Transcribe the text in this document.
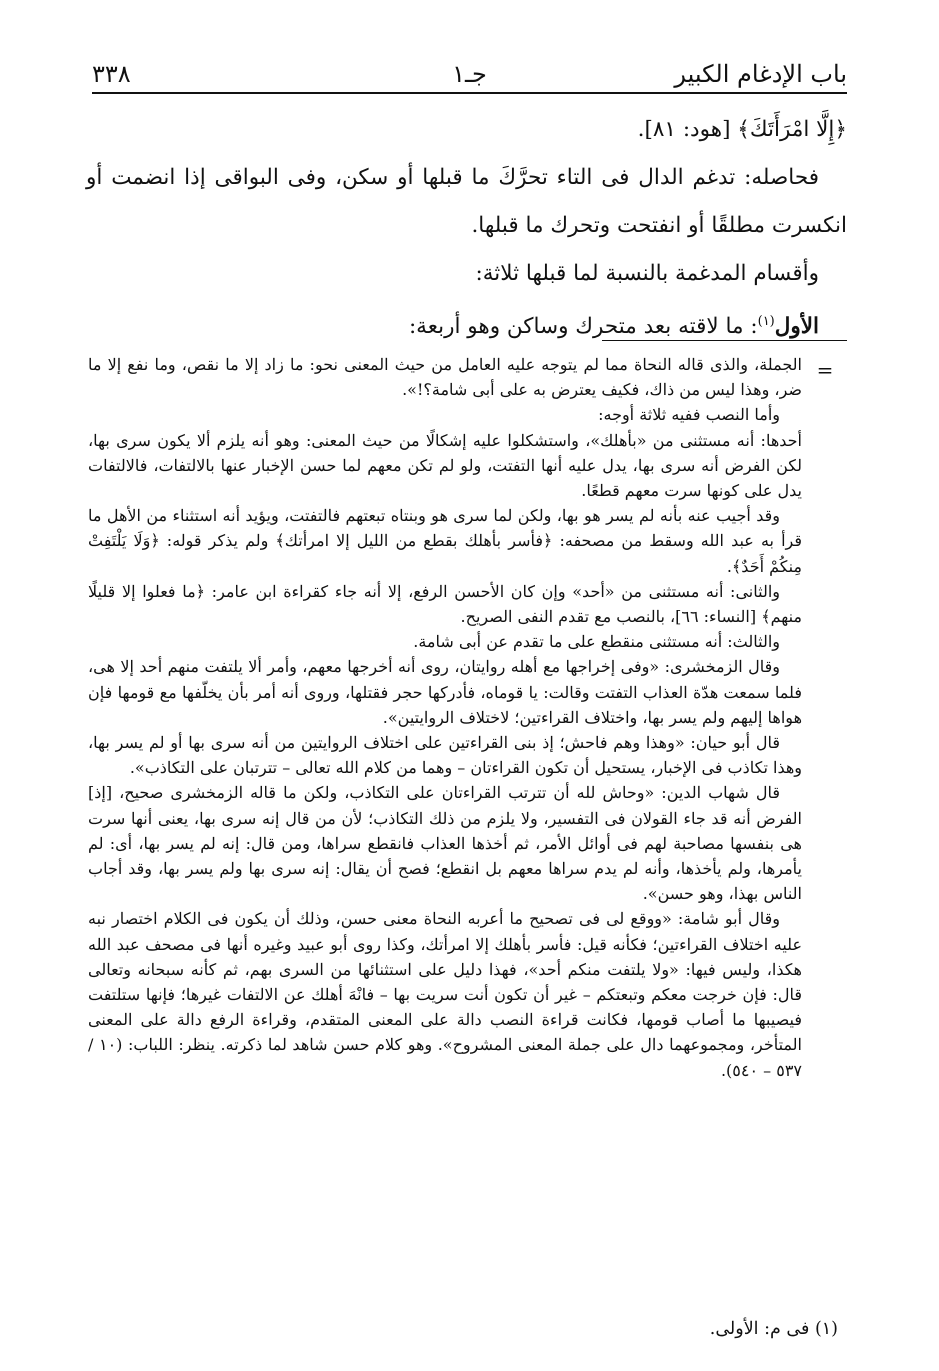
٣٣٨	جـ١	باب الإدغام الكبير

﴿إِلَّا امْرَأَتَكَ﴾ [هود: ٨١].

فحاصله: تدغم الدال فى التاء تحرَّكَ ما قبلها أو سكن، وفى البواقى إذا انضمت أو انكسرت مطلقًا أو انفتحت وتحرك ما قبلها.

وأقسام المدغمة بالنسبة لما قبلها ثلاثة:

الأول$^{(١)}$: ما لاقته بعد متحرك وساكن وهو أربعة:

=

الجملة، والذى قاله النحاة مما لم يتوجه عليه العامل من حيث المعنى نحو: ما زاد إلا ما نقص، وما نفع إلا ما ضر، وهذا ليس من ذاك، فكيف يعترض به على أبى شامة؟!».

وأما النصب ففيه ثلاثة أوجه:

أحدها: أنه مستثنى من «بأهلك»، واستشكلوا عليه إشكالًا من حيث المعنى: وهو أنه يلزم ألا يكون سرى بها، لكن الفرض أنه سرى بها، يدل عليه أنها التفتت، ولو لم تكن معهم لما حسن الإخبار عنها بالالتفات، فالالتفات يدل على كونها سرت معهم قطعًا.

وقد أجيب عنه بأنه لم يسر هو بها، ولكن لما سرى هو وبنتاه تبعتهم فالتفتت، ويؤيد أنه استثناء من الأهل ما قرأ به عبد الله وسقط من مصحفه: ﴿فأسر بأهلك بقطع من الليل إلا امرأتك﴾ ولم يذكر قوله: ﴿وَلَا يَلْتَفِتْ مِنكُمْ أَحَدٌ﴾.

والثانى: أنه مستثنى من «أحد» وإن كان الأحسن الرفع، إلا أنه جاء كقراءة ابن عامر: ﴿ما فعلوا إلا قليلًا منهم﴾ [النساء: ٦٦]، بالنصب مع تقدم النفى الصريح.

والثالث: أنه مستثنى منقطع على ما تقدم عن أبى شامة.

وقال الزمخشرى: «وفى إخراجها مع أهله روايتان، روى أنه أخرجها معهم، وأمر ألا يلتفت منهم أحد إلا هى، فلما سمعت هدّة العذاب التفتت وقالت: يا قوماه، فأدركها حجر فقتلها، وروى أنه أمر بأن يخلّفها مع قومها فإن هواها إليهم ولم يسر بها، واختلاف القراءتين؛ لاختلاف الروايتين».

قال أبو حيان: «وهذا وهم فاحش؛ إذ بنى القراءتين على اختلاف الروايتين من أنه سرى بها أو لم يسر بها، وهذا تكاذب فى الإخبار، يستحيل أن تكون القراءتان – وهما من كلام الله تعالى – تترتبان على التكاذب».

قال شهاب الدين: «وحاش لله أن تترتب القراءتان على التكاذب، ولكن ما قاله الزمخشرى صحيح، [إذ] الفرض أنه قد جاء القولان فى التفسير، ولا يلزم من ذلك التكاذب؛ لأن من قال إنه سرى بها، يعنى أنها سرت هى بنفسها مصاحبة لهم فى أوائل الأمر، ثم أخذها العذاب فانقطع سراها، ومن قال: إنه لم يسر بها، أى: لم يأمرها، ولم يأخذها، وأنه لم يدم سراها معهم بل انقطع؛ فصح أن يقال: إنه سرى بها ولم يسر بها، وقد أجاب الناس بهذا، وهو حسن».

وقال أبو شامة: «ووقع لى فى تصحيح ما أعربه النحاة معنى حسن، وذلك أن يكون فى الكلام اختصار نبه عليه اختلاف القراءتين؛ فكأنه قيل: فأسر بأهلك إلا امرأتك، وكذا روى أبو عبيد وغيره أنها فى مصحف عبد الله هكذا، وليس فيها: «ولا يلتفت منكم أحد»، فهذا دليل على استثنائها من السرى بهم، ثم كأنه سبحانه وتعالى قال: فإن خرجت معكم وتبعتكم – غير أن تكون أنت سريت بها – فانْهَ أهلك عن الالتفات غيرها؛ فإنها ستلتفت فيصيبها ما أصاب قومها، فكانت قراءة النصب دالة على المعنى المتقدم، وقراءة الرفع دالة على المعنى المتأخر، ومجموعهما دال على جملة المعنى المشروح». وهو كلام حسن شاهد لما ذكرته. ينظر: اللباب: (١٠ / ٥٣٧ – ٥٤٠).

(١) فى م: الأولى.
